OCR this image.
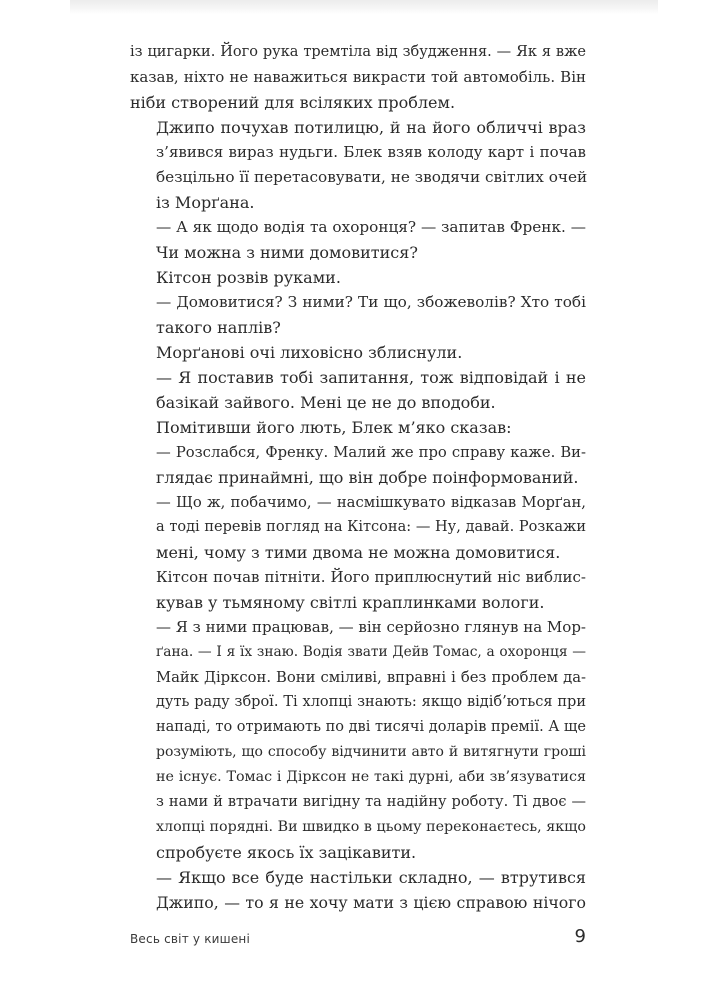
із цигарки. Його рука тремтіла від збудження. — Як я вже
казав, ніхто не наважиться викрасти той автомобіль. Він
ніби створений для всіляких проблем.

Джипо почухав потилицю, й на його обличчі враз
з’явився вираз нудьги. Блек взяв колоду карт і почав
безцільно її перетасовувати, не зводячи світлих очей
із Морґана.

— А як щодо водія та охоронця? — запитав Френк. —
Чи можна з ними домовитися?

Кітсон розвів руками.

— Домовитися? З ними? Ти що, збожеволів? Хто тобі
такого наплів?

Морґанові очі лиховісно зблиснули.

— Я поставив тобі запитання, тож відповідай і не
базікай зайвого. Мені це не до вподоби.

Помітивши його лють, Блек м’яко сказав:

— Розслабся, Френку. Малий же про справу каже. Ви-
глядає принаймні, що він добре поінформований.

— Що ж, побачимо, — насмішкувато відказав Морґан,
а тоді перевів погляд на Кітсона: — Ну, давай. Розкажи
мені, чому з тими двома не можна домовитися.

Кітсон почав пітніти. Його приплюснутий ніс виблис-
кував у тьмяному світлі краплинками вологи.

— Я з ними працював, — він серйозно глянув на Мор-
ґана. — І я їх знаю. Водія звати Дейв Томас, а охоронця —
Майк Дірксон. Вони сміливі, вправні і без проблем да-
дуть раду зброї. Ті хлопці знають: якщо відіб’ються при
нападі, то отримають по дві тисячі доларів премії. А ще
розуміють, що способу відчинити авто й витягнути гроші
не існує. Томас і Дірксон не такі дурні, аби зв’язуватися
з нами й втрачати вигідну та надійну роботу. Ті двоє —
хлопці порядні. Ви швидко в цьому переконаєтесь, якщо
спробуєте якось їх зацікавити.

— Якщо все буде настільки складно, — втрутився
Джипо, — то я не хочу мати з цією справою нічого

Весь світ у кишені	9
